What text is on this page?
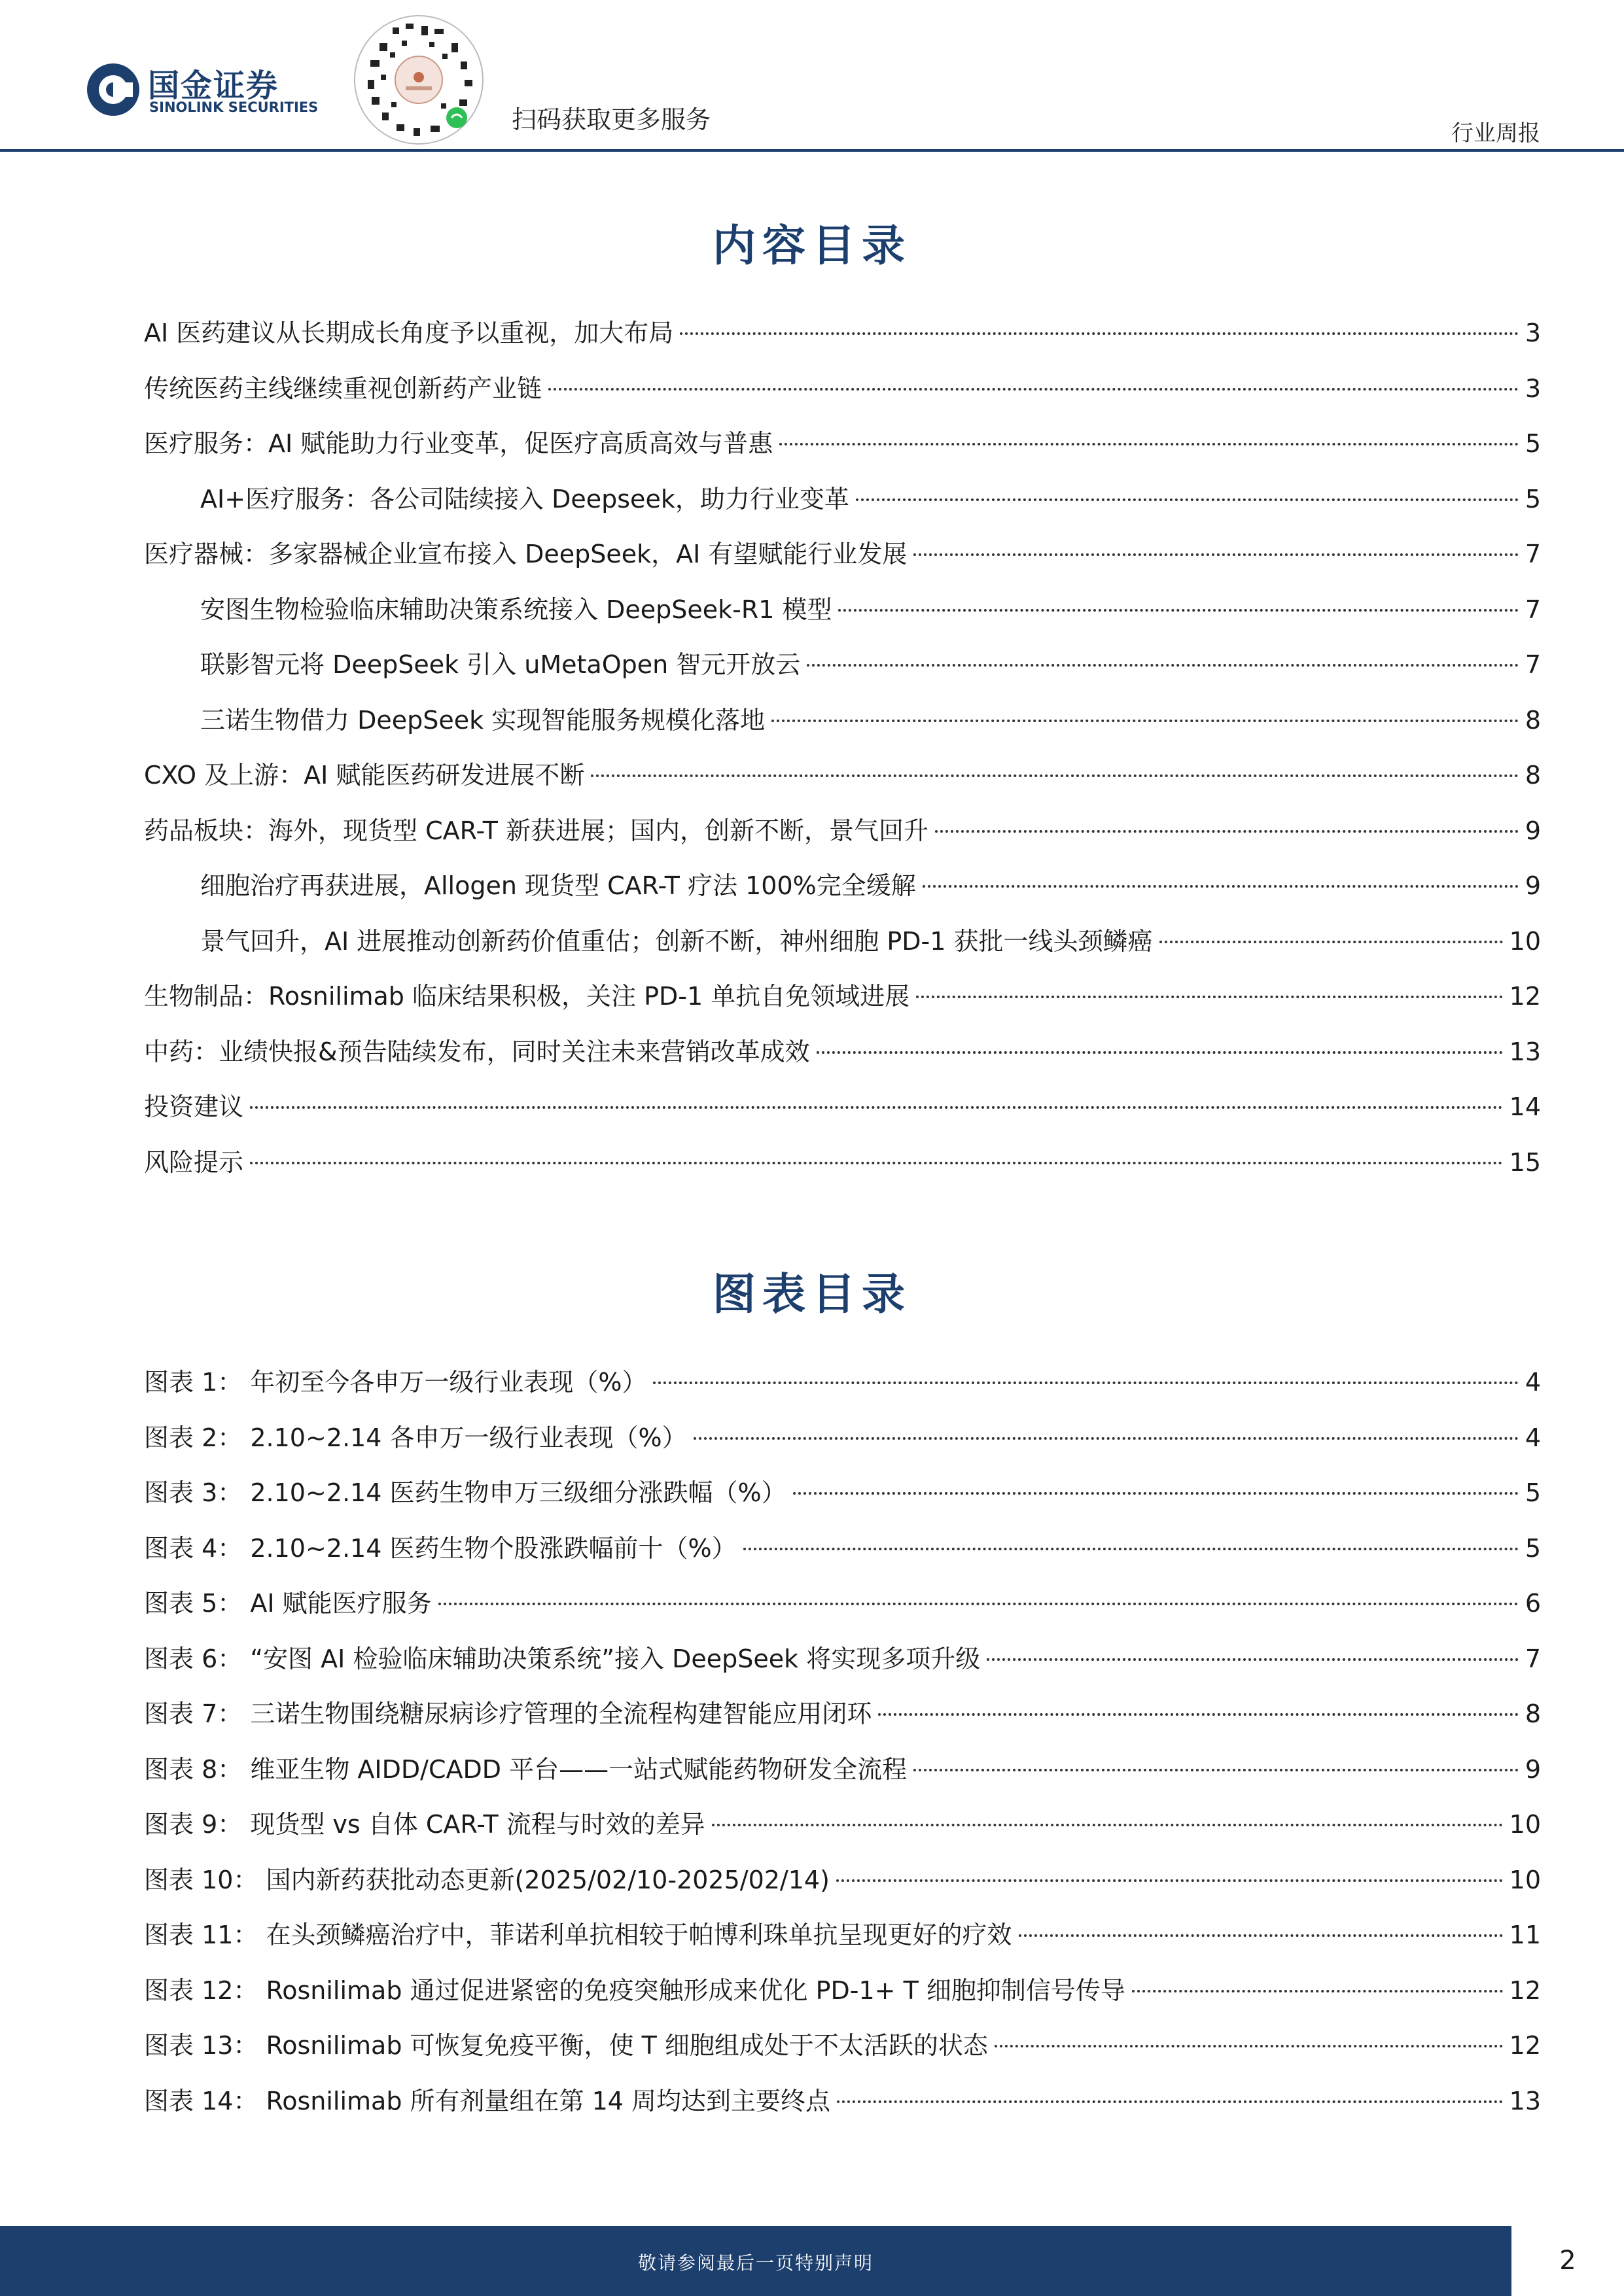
国金证券
SINOLINK SECURITIES	扫码获取更多服务	行业周报
内容目录
AI 医药建议从长期成长角度予以重视，加大布局	3
传统医药主线继续重视创新药产业链	3
医疗服务：AI 赋能助力行业变革，促医疗高质高效与普惠	5
AI+医疗服务：各公司陆续接入 Deepseek，助力行业变革	5
医疗器械：多家器械企业宣布接入 DeepSeek，AI 有望赋能行业发展	7
安图生物检验临床辅助决策系统接入 DeepSeek-R1 模型	7
联影智元将 DeepSeek 引入 uMetaOpen 智元开放云	7
三诺生物借力 DeepSeek 实现智能服务规模化落地	8
CXO 及上游：AI 赋能医药研发进展不断	8
药品板块：海外，现货型 CAR-T 新获进展；国内，创新不断，景气回升	9
细胞治疗再获进展，Allogen 现货型 CAR-T 疗法 100%完全缓解	9
景气回升，AI 进展推动创新药价值重估；创新不断，神州细胞 PD-1 获批一线头颈鳞癌	10
生物制品：Rosnilimab 临床结果积极，关注 PD-1 单抗自免领域进展	12
中药：业绩快报&预告陆续发布，同时关注未来营销改革成效	13
投资建议	14
风险提示	15
图表目录
图表 1： 年初至今各申万一级行业表现（%）	4
图表 2： 2.10~2.14 各申万一级行业表现（%）	4
图表 3： 2.10~2.14 医药生物申万三级细分涨跌幅（%）	5
图表 4： 2.10~2.14 医药生物个股涨跌幅前十（%）	5
图表 5： AI 赋能医疗服务	6
图表 6： “安图 AI 检验临床辅助决策系统”接入 DeepSeek 将实现多项升级	7
图表 7： 三诺生物围绕糖尿病诊疗管理的全流程构建智能应用闭环	8
图表 8： 维亚生物 AIDD/CADD 平台——一站式赋能药物研发全流程	9
图表 9： 现货型 vs 自体 CAR-T 流程与时效的差异	10
图表 10： 国内新药获批动态更新(2025/02/10-2025/02/14)	10
图表 11： 在头颈鳞癌治疗中，菲诺利单抗相较于帕博利珠单抗呈现更好的疗效	11
图表 12： Rosnilimab 通过促进紧密的免疫突触形成来优化 PD-1+ T 细胞抑制信号传导	12
图表 13： Rosnilimab 可恢复免疫平衡，使 T 细胞组成处于不太活跃的状态	12
图表 14： Rosnilimab 所有剂量组在第 14 周均达到主要终点	13
敬请参阅最后一页特别声明	2
